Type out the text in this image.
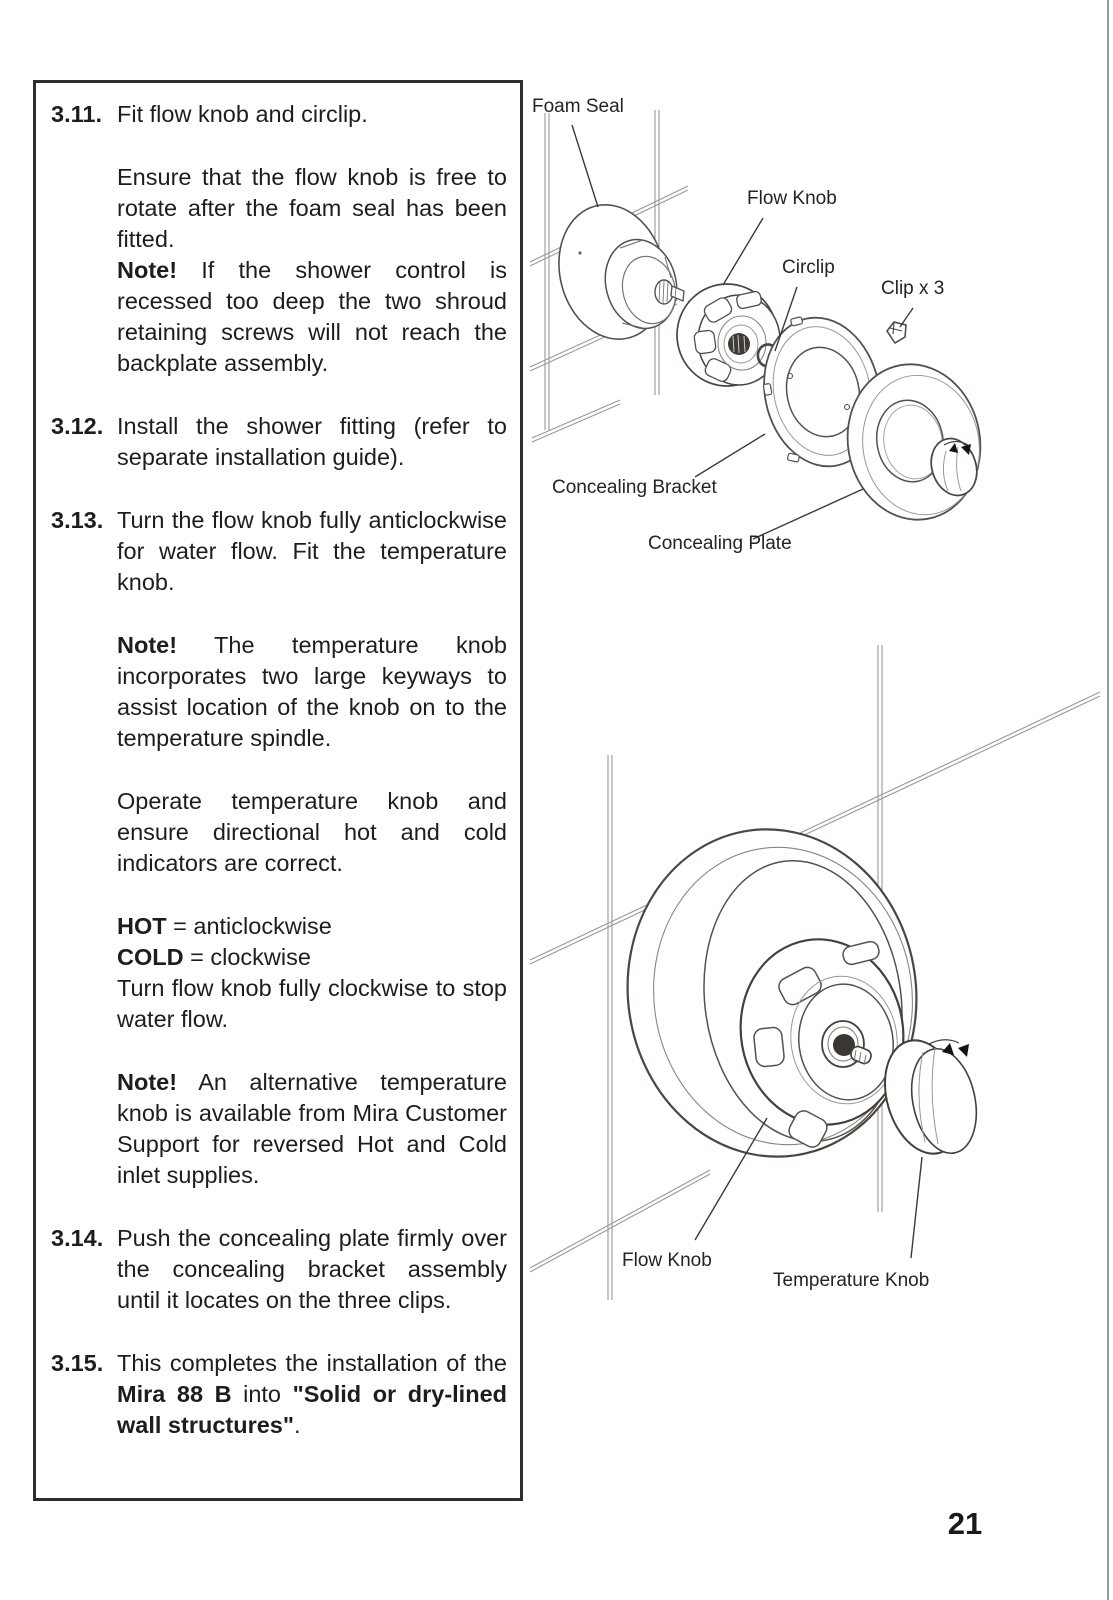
3.11. Fit flow knob and circlip.

Ensure that the flow knob is free to rotate after the foam seal has been fitted.

Note! If the shower control is recessed too deep the two shroud retaining screws will not reach the backplate assembly.

3.12. Install the shower fitting (refer to separate installation guide).

3.13. Turn the flow knob fully anticlockwise for water flow. Fit the temperature knob.

Note! The temperature knob incorporates two large keyways to assist location of the knob on to the temperature spindle.

Operate temperature knob and ensure directional hot and cold indicators are correct.

HOT = anticlockwise

COLD = clockwise

Turn flow knob fully clockwise to stop water flow.

Note! An alternative temperature knob is available from Mira Customer Support for reversed Hot and Cold inlet supplies.

3.14. Push the concealing plate firmly over the concealing bracket assembly until it locates on the three clips.

3.15. This completes the installation of the Mira 88 B into "Solid or dry-lined wall structures".

Foam Seal
Flow Knob
Circlip
Clip x 3
Concealing Bracket
Concealing Plate
Flow Knob
Temperature Knob
21
